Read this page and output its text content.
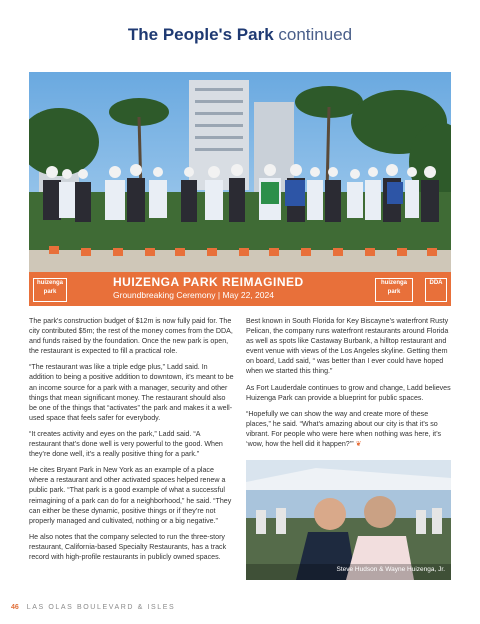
The People's Park continued
huizenga park
HUIZENGA PARK REIMAGINED
Groundbreaking Ceremony | May 22, 2024
huizenga park
DDA

The park's construction budget of $12m is now fully paid for. The city contributed $5m; the rest of the money comes from the DDA, and funds raised by the foundation. Once the new park is open, the restaurant is expected to fill a practical role.

“The restaurant was like a triple edge plus,” Ladd said. In addition to being a positive addition to downtown, it’s meant to be an income source for a park with a manager, security and other things that mean significant money. The restaurant should also be one of the things that “activates” the park and makes it a well-used space that feels safer for everybody.

“It creates activity and eyes on the park,” Ladd said. “A restaurant that’s done well is very powerful to the good. When they’re done well, it’s a really positive thing for a park.”

He cites Bryant Park in New York as an example of a place where a restaurant and other activated spaces helped renew a public park. “That park is a good example of what a successful reimagining of a park can do for a neighborhood,” he said. “They can either be these dynamic, positive things or if they’re not properly managed and cultivated, nothing or a big negative.”

He also notes that the company selected to run the three-story restaurant, California-based Specialty Restaurants, has a track record with high-profile restaurants in publicly owned spaces.

Best known in South Florida for Key Biscayne’s waterfront Rusty Pelican, the company runs waterfront restaurants around Florida as well as spots like Castaway Burbank, a hilltop restaurant and event venue with views of the Los Angeles skyline. Getting them on board, Ladd said, “ was better than I ever could have hoped when we started this thing.”

As Fort Lauderdale continues to grow and change, Ladd believes Huizenga Park can provide a blueprint for public spaces.

“Hopefully we can show the way and create more of these places,” he said. “What’s amazing about our city is that it’s so vibrant. For people who were here when nothing was here, it’s ‘wow, how the hell did it happen?’” ❦

Steve Hudson & Wayne Huizenga, Jr.
46 LAS OLAS BOULEVARD & ISLES
